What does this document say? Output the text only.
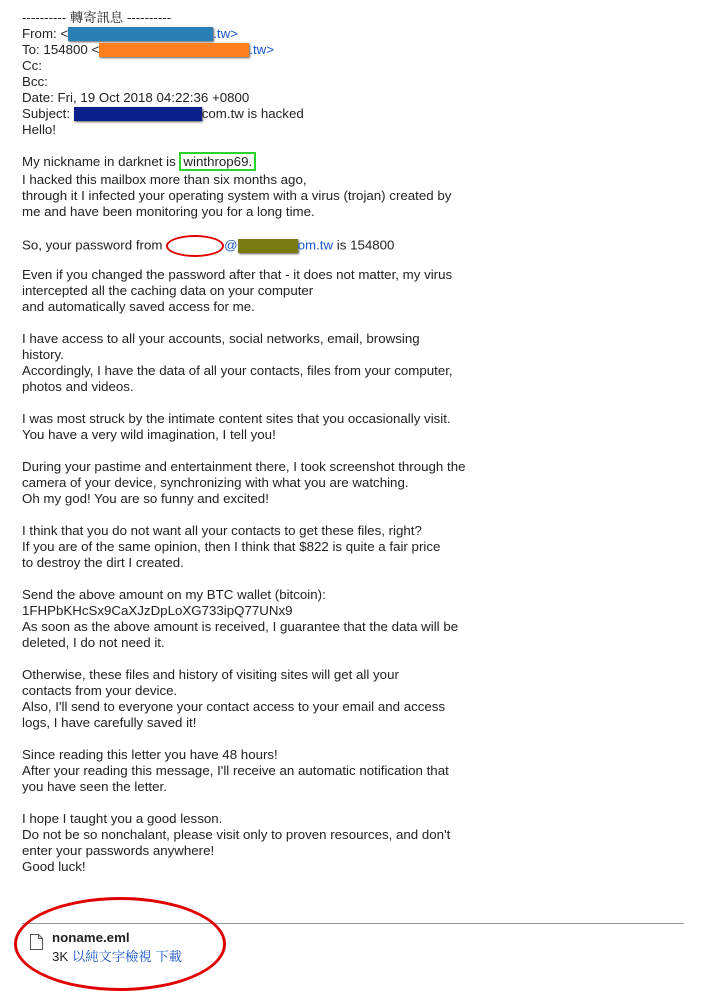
---------- 轉寄訊息 ----------
From: <	.tw>
To: 154800 <	.tw>
Cc:
Bcc:
Date: Fri, 19 Oct 2018 04:22:36 +0800
Subject:	com.tw is hacked
Hello!
My nickname in darknet is winthrop69.
I hacked this mailbox more than six months ago,
through it I infected your operating system with a virus (trojan) created by
me and have been monitoring you for a long time.
So, your password from	@	om.tw is 154800
Even if you changed the password after that - it does not matter, my virus
intercepted all the caching data on your computer
and automatically saved access for me.
I have access to all your accounts, social networks, email, browsing
history.
Accordingly, I have the data of all your contacts, files from your computer,
photos and videos.
I was most struck by the intimate content sites that you occasionally visit.
You have a very wild imagination, I tell you!
During your pastime and entertainment there, I took screenshot through the
camera of your device, synchronizing with what you are watching.
Oh my god! You are so funny and excited!
I think that you do not want all your contacts to get these files, right?
If you are of the same opinion, then I think that $822 is quite a fair price
to destroy the dirt I created.
Send the above amount on my BTC wallet (bitcoin):
1FHPbKHcSx9CaXJzDpLoXG733ipQ77UNx9
As soon as the above amount is received, I guarantee that the data will be
deleted, I do not need it.
Otherwise, these files and history of visiting sites will get all your
contacts from your device.
Also, I'll send to everyone your contact access to your email and access
logs, I have carefully saved it!
Since reading this letter you have 48 hours!
After your reading this message, I'll receive an automatic notification that
you have seen the letter.
I hope I taught you a good lesson.
Do not be so nonchalant, please visit only to proven resources, and don't
enter your passwords anywhere!
Good luck!
noname.eml
3K 以純文字檢視 下載
